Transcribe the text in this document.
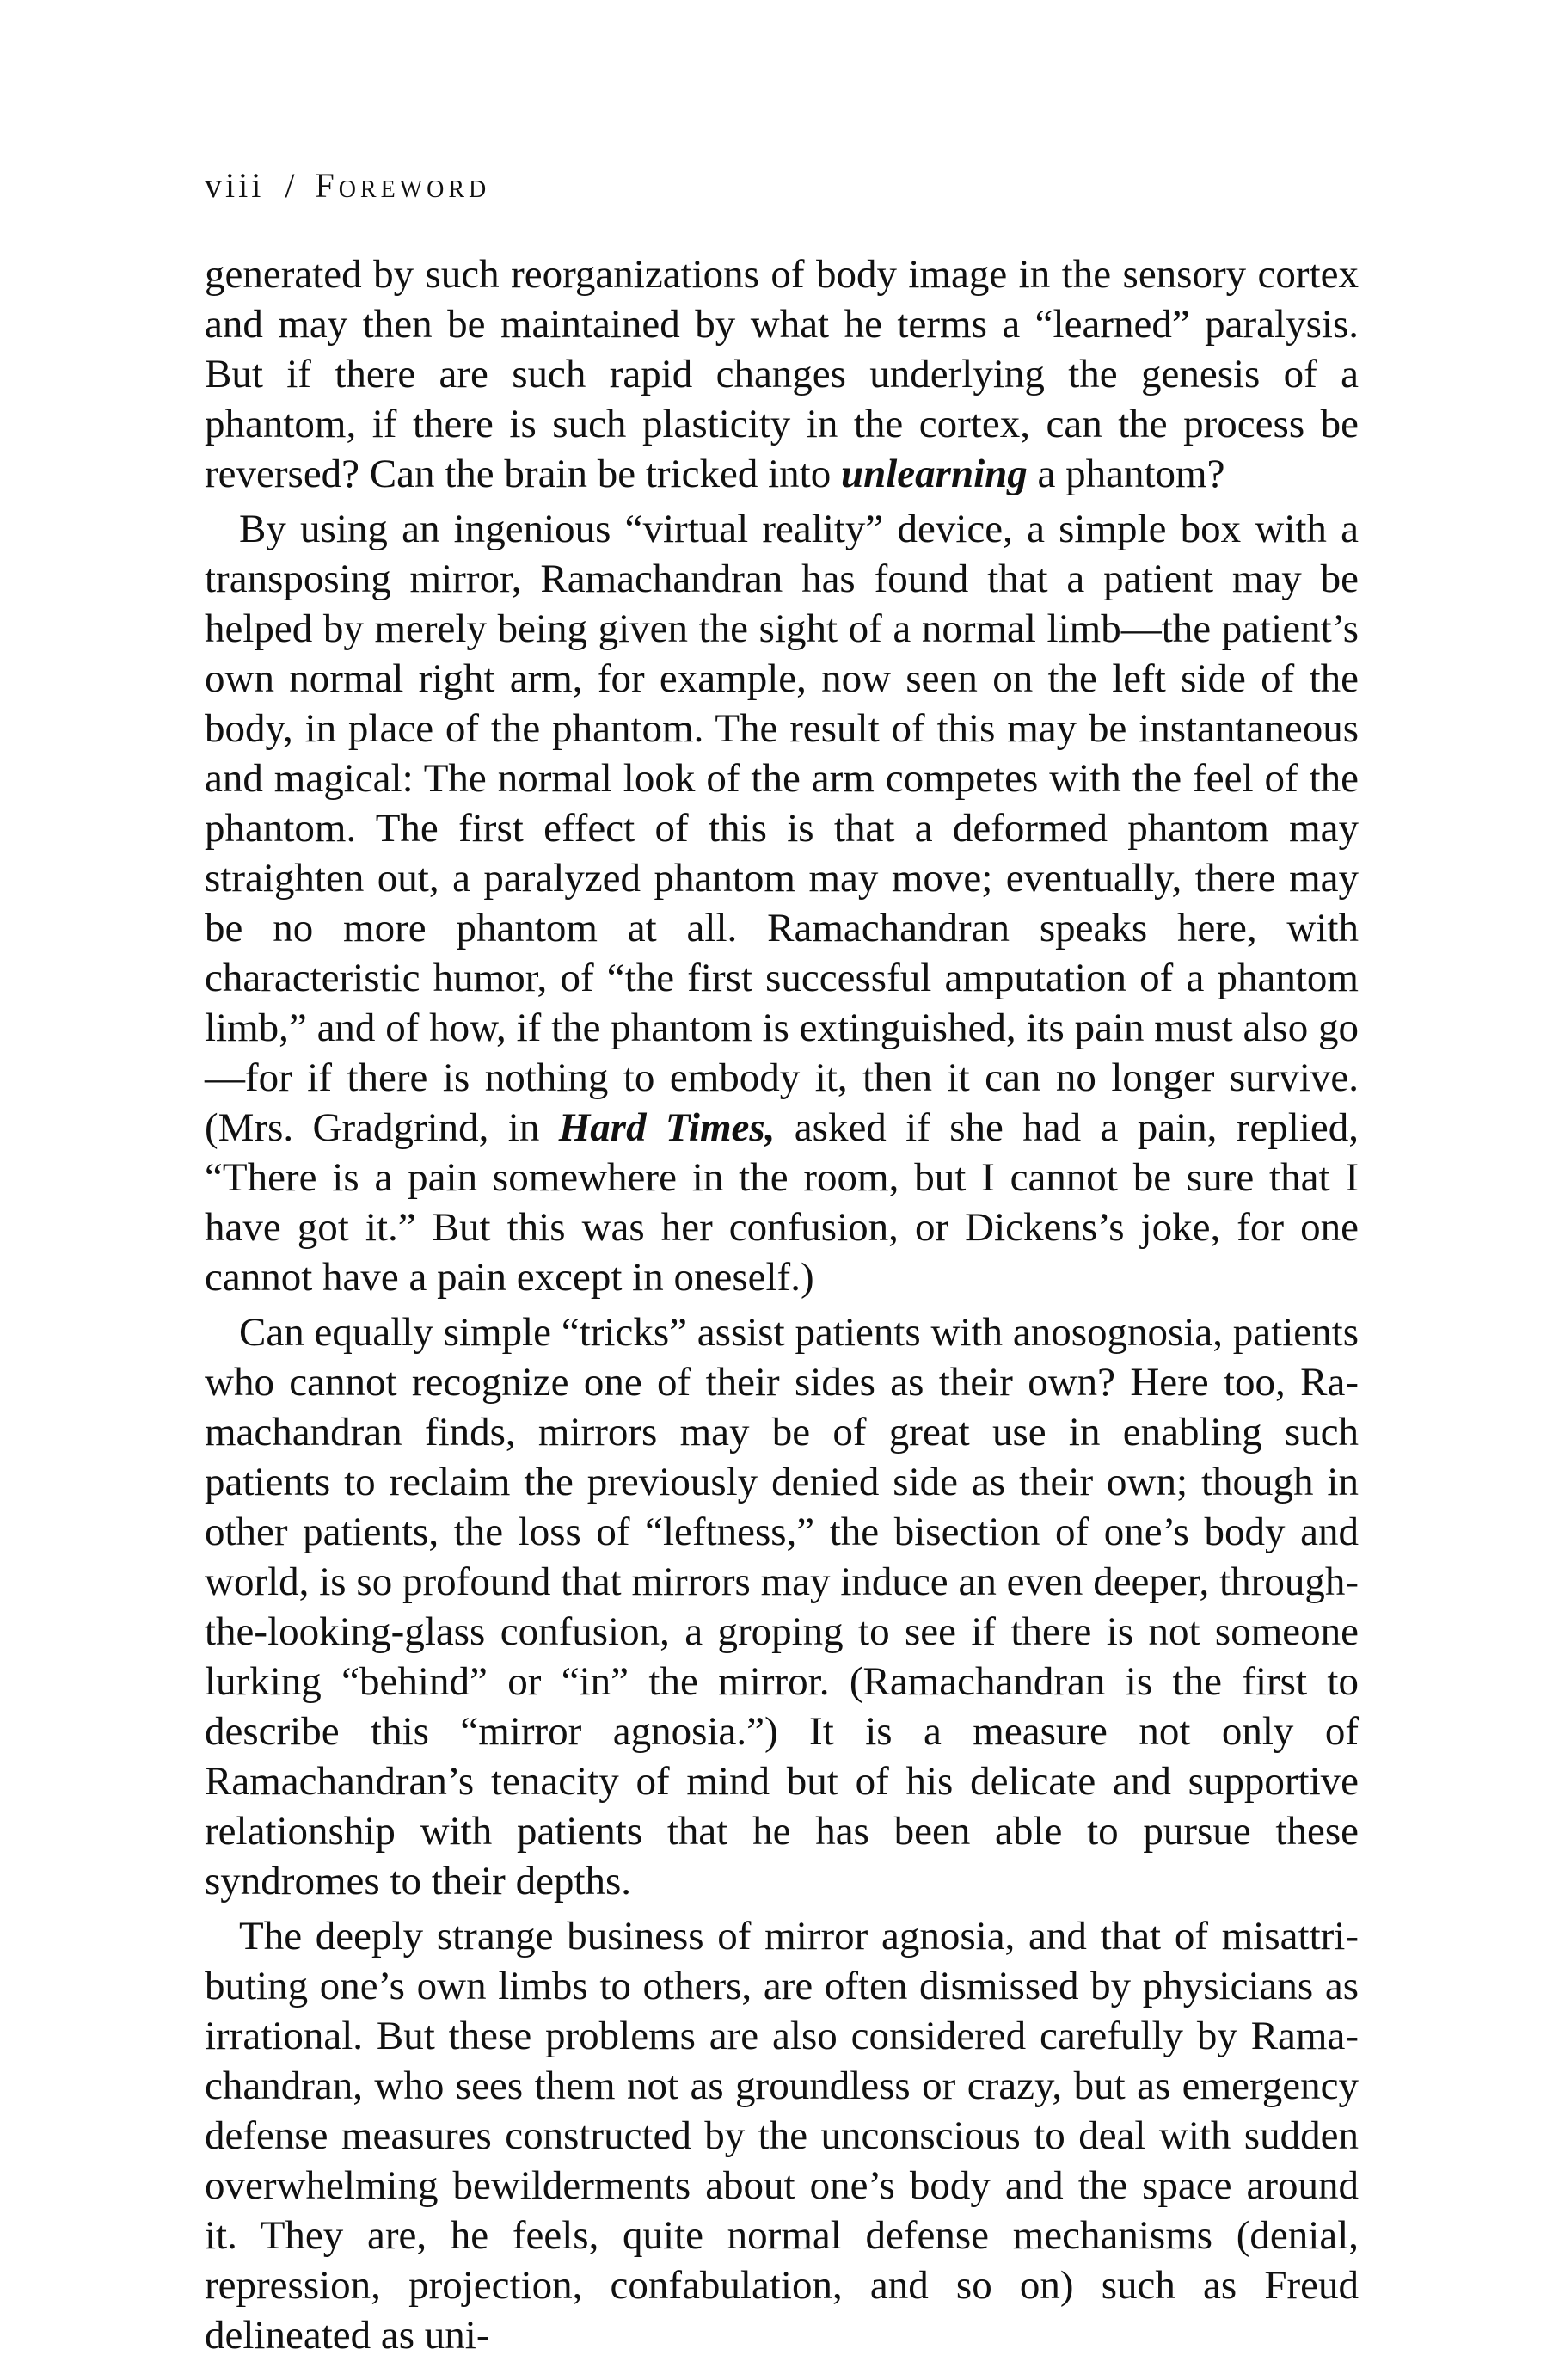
viii / Foreword

generated by such reorganizations of body image in the sensory cortex and may then be maintained by what he terms a “learned” paralysis. But if there are such rapid changes underlying the genesis of a phantom, if there is such plasticity in the cortex, can the process be reversed? Can the brain be tricked into unlearning a phantom?

By using an ingenious “virtual reality” device, a simple box with a transposing mirror, Ramachandran has found that a patient may be helped by merely being given the sight of a normal limb—the patient’s own normal right arm, for example, now seen on the left side of the body, in place of the phantom. The result of this may be instantaneous and magical: The normal look of the arm competes with the feel of the phantom. The first effect of this is that a deformed phantom may straighten out, a paralyzed phantom may move; eventually, there may be no more phantom at all. Ramachandran speaks here, with characteristic humor, of “the first successful amputation of a phantom limb,” and of how, if the phantom is extinguished, its pain must also go—for if there is nothing to embody it, then it can no longer survive. (Mrs. Gradgrind, in Hard Times, asked if she had a pain, replied, “There is a pain somewhere in the room, but I cannot be sure that I have got it.” But this was her confusion, or Dickens’s joke, for one cannot have a pain except in oneself.)

Can equally simple “tricks” assist patients with anosognosia, patients who cannot recognize one of their sides as their own? Here too, Ramachandran finds, mirrors may be of great use in enabling such patients to reclaim the previously denied side as their own; though in other patients, the loss of “leftness,” the bisection of one’s body and world, is so profound that mirrors may induce an even deeper, through-the-looking-glass confusion, a groping to see if there is not someone lurking “behind” or “in” the mirror. (Ramachandran is the first to describe this “mirror agnosia.”) It is a measure not only of Ramachandran’s tenacity of mind but of his delicate and supportive relationship with patients that he has been able to pursue these syndromes to their depths.

The deeply strange business of mirror agnosia, and that of misattributing one’s own limbs to others, are often dismissed by physicians as irrational. But these problems are also considered carefully by Ramachandran, who sees them not as groundless or crazy, but as emergency defense measures constructed by the unconscious to deal with sudden overwhelming bewilderments about one’s body and the space around it. They are, he feels, quite normal defense mechanisms (denial, repression, projection, confabulation, and so on) such as Freud delineated as uni-
